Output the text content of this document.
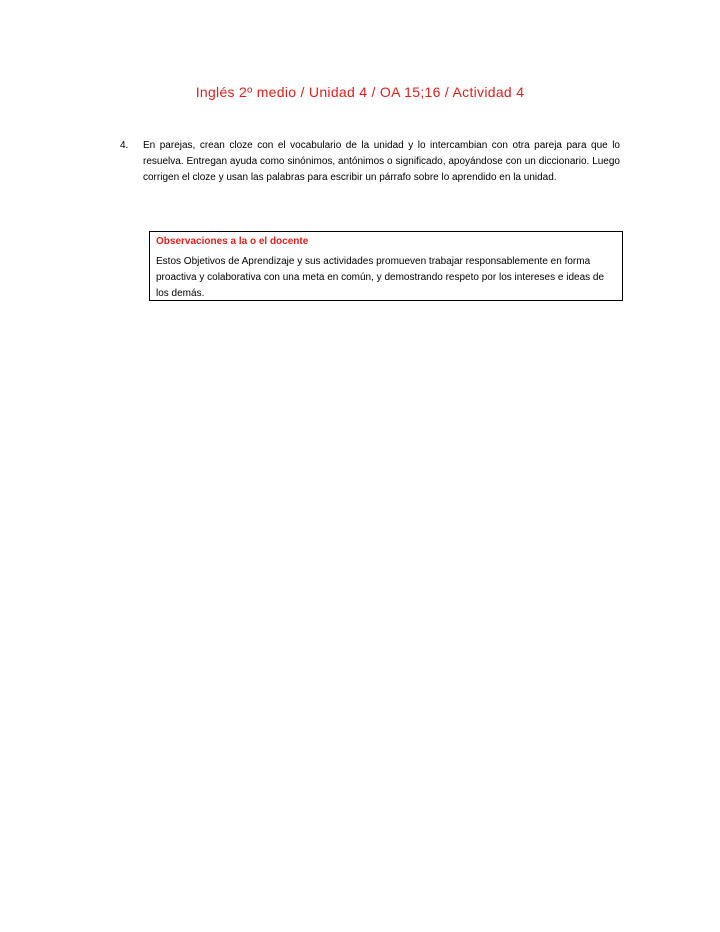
Inglés 2º medio / Unidad 4 / OA 15;16 / Actividad 4
4.	En parejas, crean cloze con el vocabulario de la unidad y lo intercambian con otra pareja para que lo resuelva. Entregan ayuda como sinónimos, antónimos o significado, apoyándose con un diccionario. Luego corrigen el cloze y usan las palabras para escribir un párrafo sobre lo aprendido en la unidad.

Observaciones a la o el docente

Estos Objetivos de Aprendizaje y sus actividades promueven trabajar responsablemente en forma proactiva y colaborativa con una meta en común, y demostrando respeto por los intereses e ideas de los demás.
